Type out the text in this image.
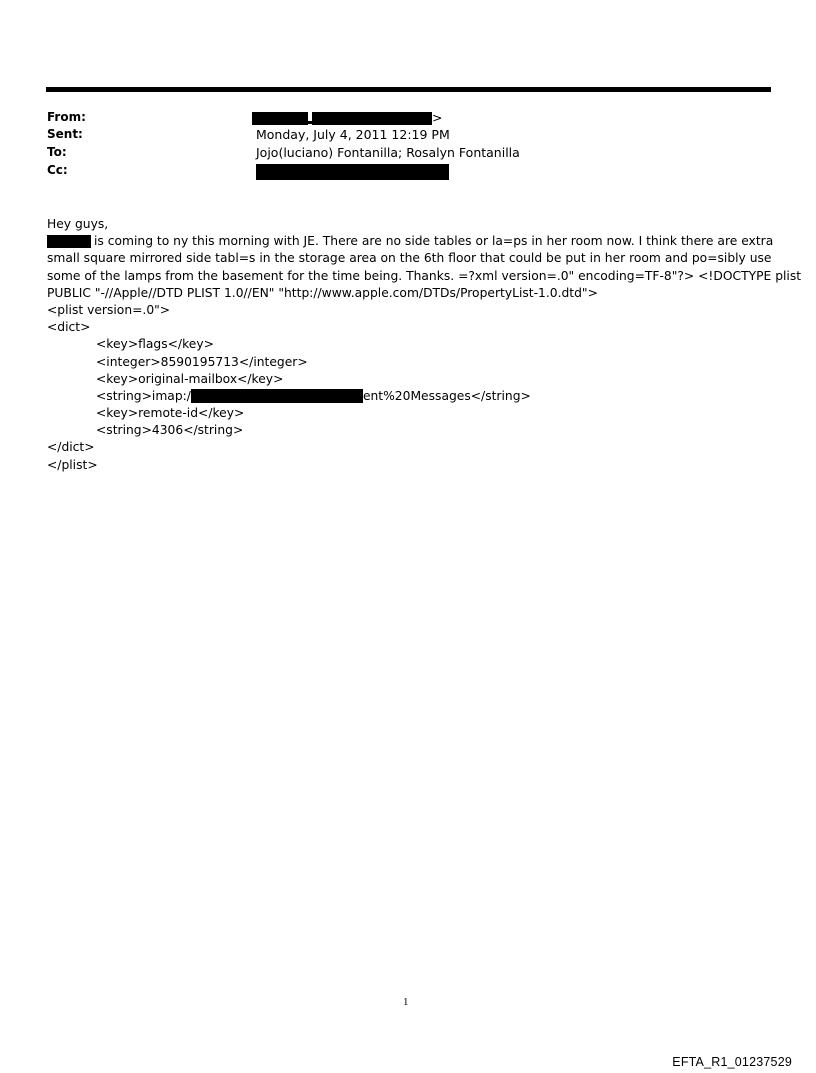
From:
Sent:
To:
Cc:
>
Monday, July 4, 2011 12:19 PM
Jojo(luciano) Fontanilla; Rosalyn Fontanilla
Hey guys,
is coming to ny this morning with JE. There are no side tables or la=ps in her room now. I think there are extra
small square mirrored side tabl=s in the storage area on the 6th floor that could be put in her room and po=sibly use
some of the lamps from the basement for the time being. Thanks. =?xml version=.0" encoding=TF-8"?> <!DOCTYPE plist
PUBLIC "-//Apple//DTD PLIST 1.0//EN" "http://www.apple.com/DTDs/PropertyList-1.0.dtd">
<plist version=.0">
<dict>
<key>flags</key>
<integer>8590195713</integer>
<key>original-mailbox</key>
<string>imap:/	ent%20Messages</string>
<key>remote-id</key>
<string>4306</string>
</dict>
</plist>
1
EFTA_R1_01237529
